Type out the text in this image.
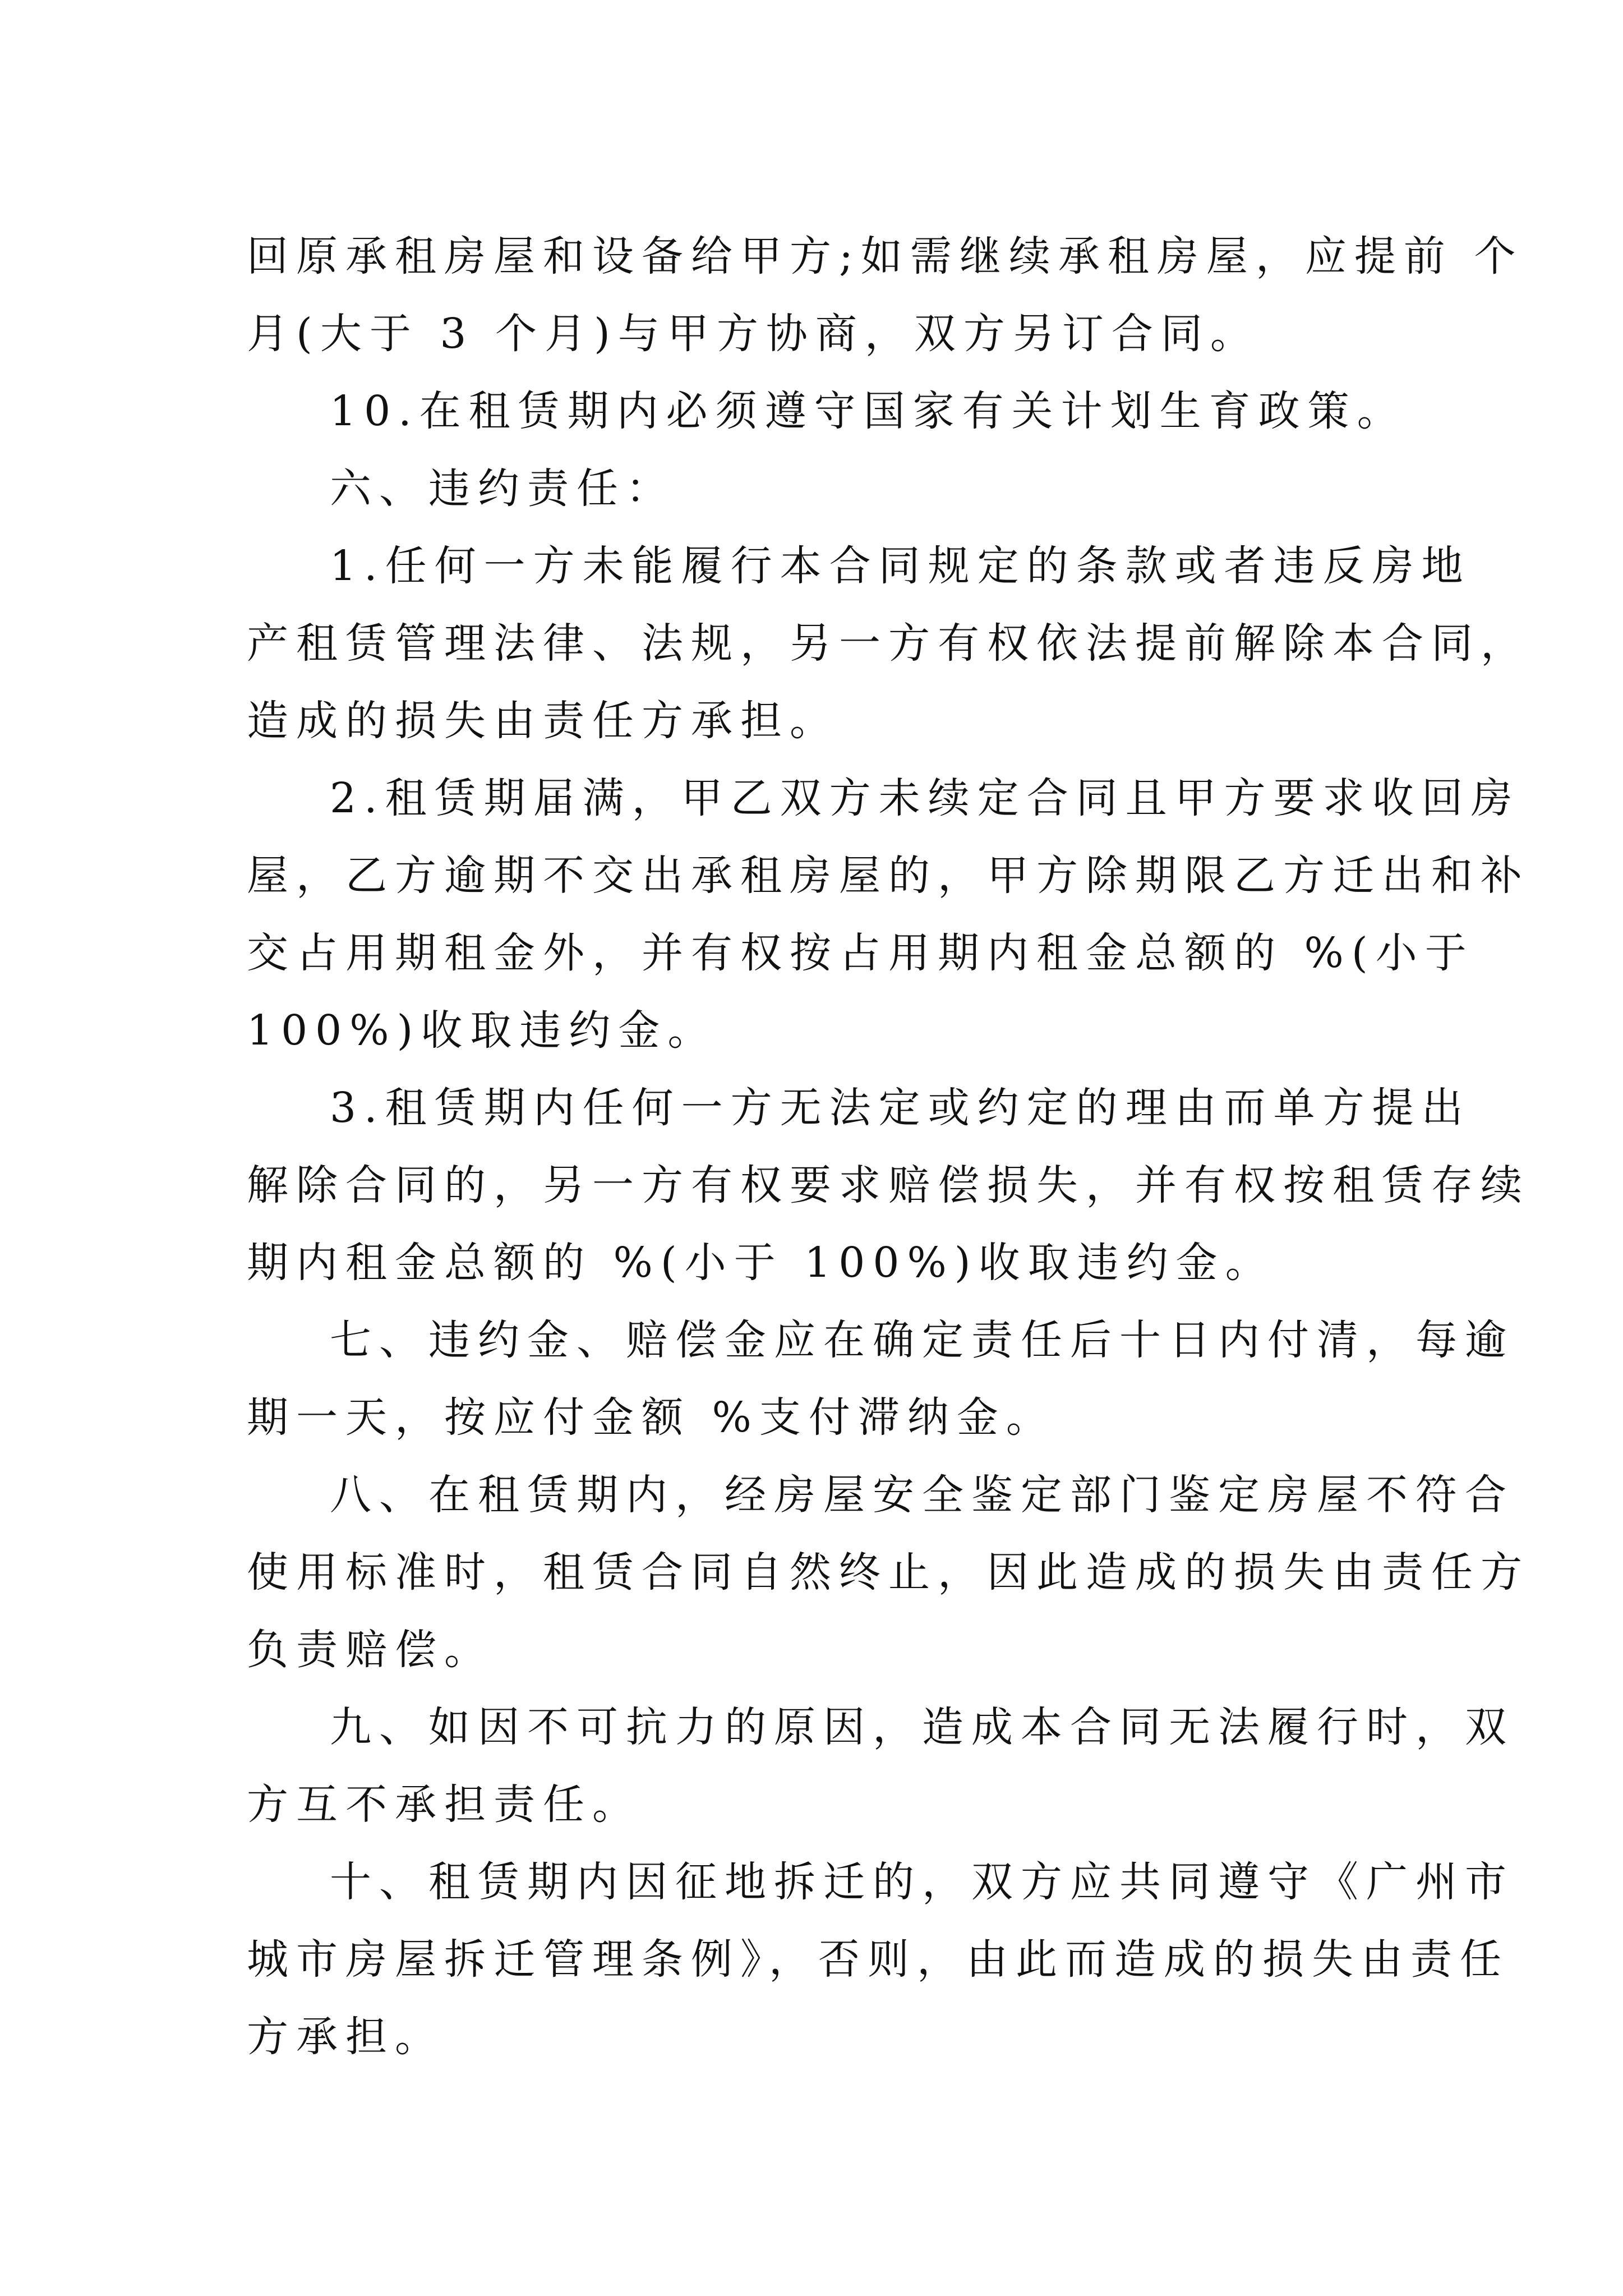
回原承租房屋和设备给甲方;如需继续承租房屋，应提前 个
月(大于 3 个月)与甲方协商，双方另订合同。
10.在租赁期内必须遵守国家有关计划生育政策。
六、违约责任：
1.任何一方未能履行本合同规定的条款或者违反房地
产租赁管理法律、法规，另一方有权依法提前解除本合同，
造成的损失由责任方承担。
2.租赁期届满，甲乙双方未续定合同且甲方要求收回房
屋，乙方逾期不交出承租房屋的，甲方除期限乙方迁出和补
交占用期租金外，并有权按占用期内租金总额的 %(小于
100%)收取违约金。
3.租赁期内任何一方无法定或约定的理由而单方提出
解除合同的，另一方有权要求赔偿损失，并有权按租赁存续
期内租金总额的 %(小于 100%)收取违约金。
七、违约金、赔偿金应在确定责任后十日内付清，每逾
期一天，按应付金额 %支付滞纳金。
八、在租赁期内，经房屋安全鉴定部门鉴定房屋不符合
使用标准时，租赁合同自然终止，因此造成的损失由责任方
负责赔偿。
九、如因不可抗力的原因，造成本合同无法履行时，双
方互不承担责任。
十、租赁期内因征地拆迁的，双方应共同遵守《广州市
城市房屋拆迁管理条例》，否则，由此而造成的损失由责任
方承担。
